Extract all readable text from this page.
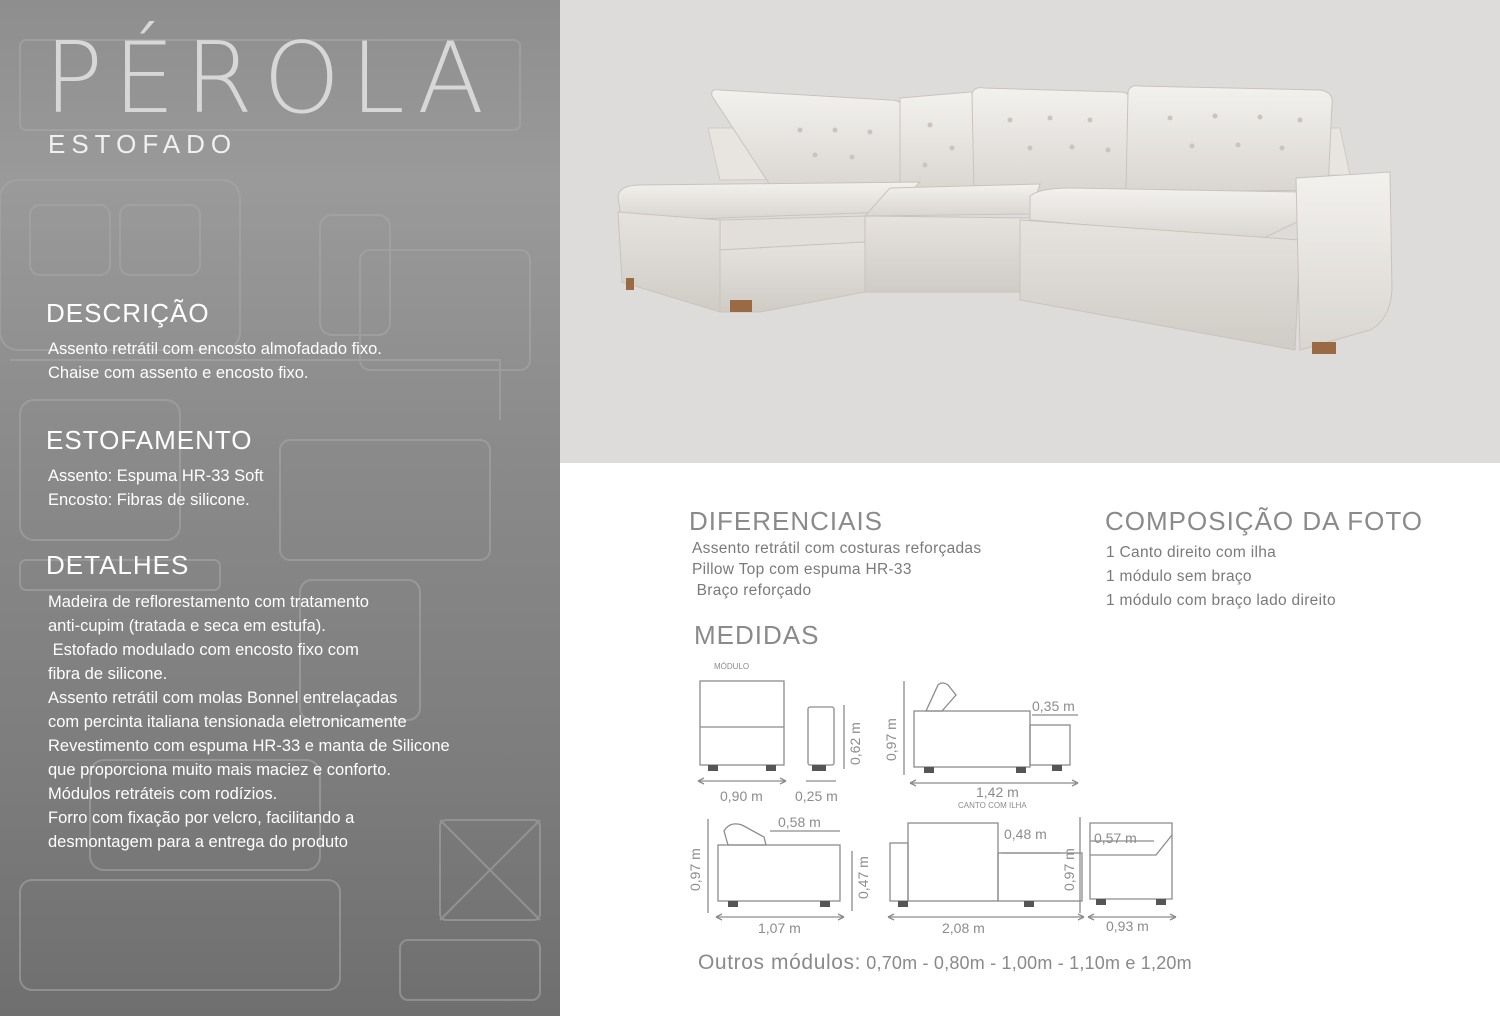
PÉROLA
ESTOFADO
DESCRIÇÃO
Assento retrátil com encosto almofadado fixo.
Chaise com assento e encosto fixo.
ESTOFAMENTO
Assento: Espuma HR-33 Soft
Encosto: Fibras de silicone.
DETALHES
Madeira de reflorestamento com tratamento
anti-cupim (tratada e seca em estufa).
Estofado modulado com encosto fixo com
fibra de silicone.
Assento retrátil com molas Bonnel entrelaçadas
com percinta italiana tensionada eletronicamente
Revestimento com espuma HR-33 e manta de Silicone
que proporciona muito mais maciez e conforto.
Módulos retráteis com rodízios.
Forro com fixação por velcro, facilitando a
desmontagem para a entrega do produto
DIFERENCIAIS
Assento retrátil com costuras reforçadas
Pillow Top com espuma HR-33
Braço reforçado
COMPOSIÇÃO DA FOTO
1 Canto direito com ilha
1 módulo sem braço
1 módulo com braço lado direito
MEDIDAS
MÓDULO
0,90 m 0,25 m
0,62 m 0,97 m
0,35 m
1,42 m
CANTO COM ILHA
0,97 m
0,58 m
0,47 m
1,07 m
0,48 m
2,08 m
0,97 m
0,57 m
0,93 m
Outros módulos: 0,70m - 0,80m - 1,00m - 1,10m e 1,20m
